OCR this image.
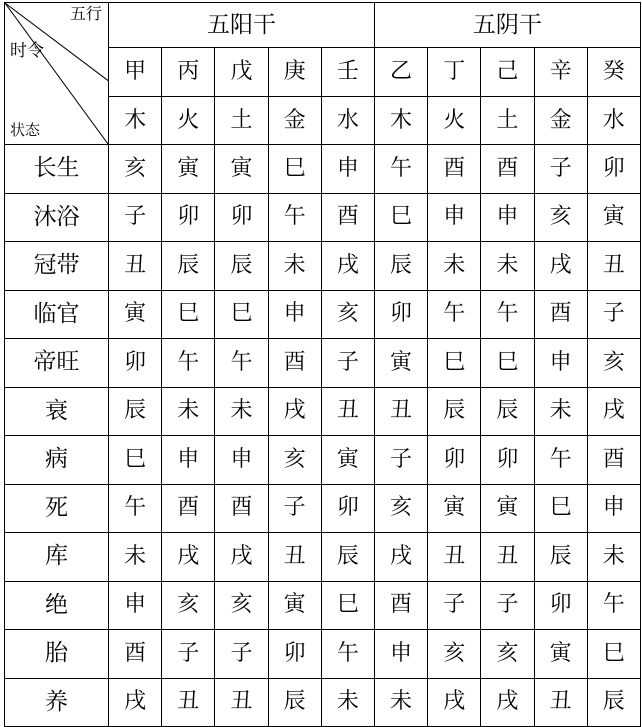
五行
时令
状态	五阳干					五阴干				
	甲	丙	戊	庚	壬	乙	丁	己	辛	癸
	木	火	土	金	水	木	火	土	金	水
长生	亥	寅	寅	巳	申	午	酉	酉	子	卯
沐浴	子	卯	卯	午	酉	巳	申	申	亥	寅
冠带	丑	辰	辰	未	戌	辰	未	未	戌	丑
临官	寅	巳	巳	申	亥	卯	午	午	酉	子
帝旺	卯	午	午	酉	子	寅	巳	巳	申	亥
衰	辰	未	未	戌	丑	丑	辰	辰	未	戌
病	巳	申	申	亥	寅	子	卯	卯	午	酉
死	午	酉	酉	子	卯	亥	寅	寅	巳	申
库	未	戌	戌	丑	辰	戌	丑	丑	辰	未
绝	申	亥	亥	寅	巳	酉	子	子	卯	午
胎	酉	子	子	卯	午	申	亥	亥	寅	巳
养	戌	丑	丑	辰	未	未	戌	戌	丑	辰
